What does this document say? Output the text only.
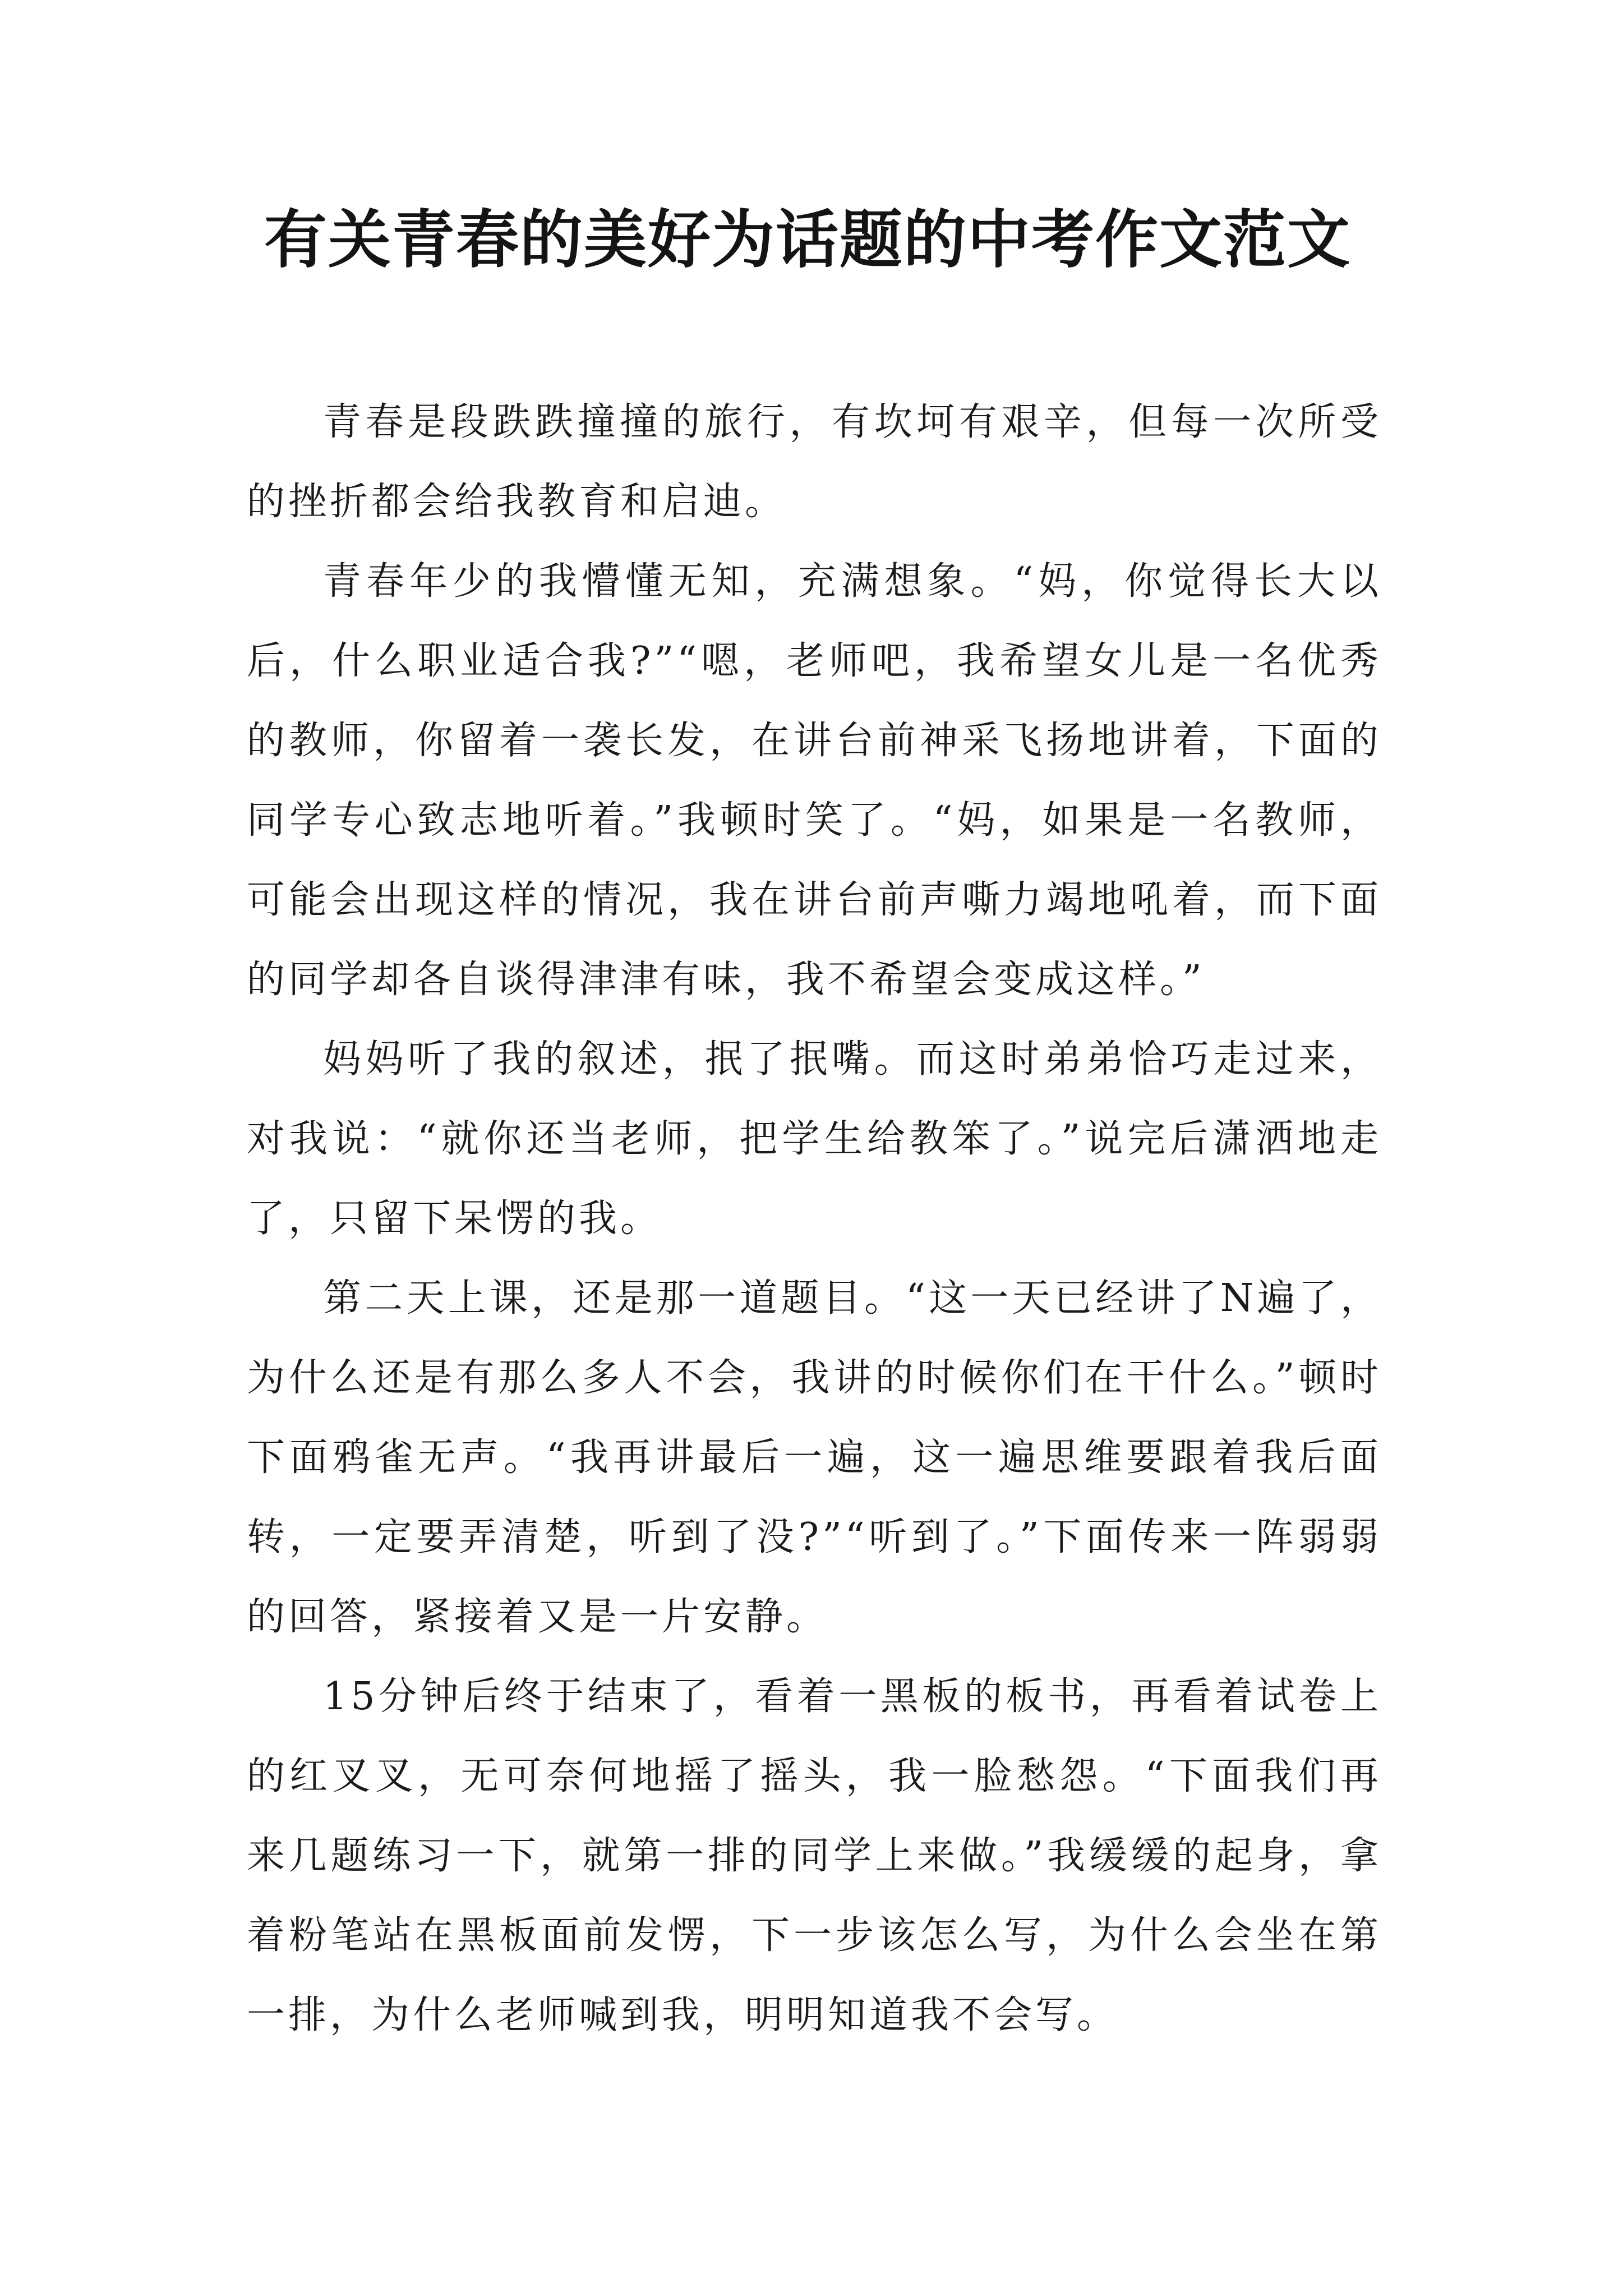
有关青春的美好为话题的中考作文范文

青春是段跌跌撞撞的旅行，有坎坷有艰辛，但每一次所受的挫折都会给我教育和启迪。

青春年少的我懵懂无知，充满想象。“妈，你觉得长大以后，什么职业适合我?”“嗯，老师吧，我希望女儿是一名优秀的教师，你留着一袭长发，在讲台前神采飞扬地讲着，下面的同学专心致志地听着。”我顿时笑了。“妈，如果是一名教师，可能会出现这样的情况，我在讲台前声嘶力竭地吼着，而下面的同学却各自谈得津津有味，我不希望会变成这样。”

妈妈听了我的叙述，抿了抿嘴。而这时弟弟恰巧走过来，对我说：“就你还当老师，把学生给教笨了。”说完后潇洒地走了，只留下呆愣的我。

第二天上课，还是那一道题目。“这一天已经讲了N遍了，为什么还是有那么多人不会，我讲的时候你们在干什么。”顿时下面鸦雀无声。“我再讲最后一遍，这一遍思维要跟着我后面转，一定要弄清楚，听到了没?”“听到了。”下面传来一阵弱弱的回答，紧接着又是一片安静。

15分钟后终于结束了，看着一黑板的板书，再看着试卷上的红叉叉，无可奈何地摇了摇头，我一脸愁怨。“下面我们再来几题练习一下，就第一排的同学上来做。”我缓缓的起身，拿着粉笔站在黑板面前发愣，下一步该怎么写，为什么会坐在第一排，为什么老师喊到我，明明知道我不会写。
